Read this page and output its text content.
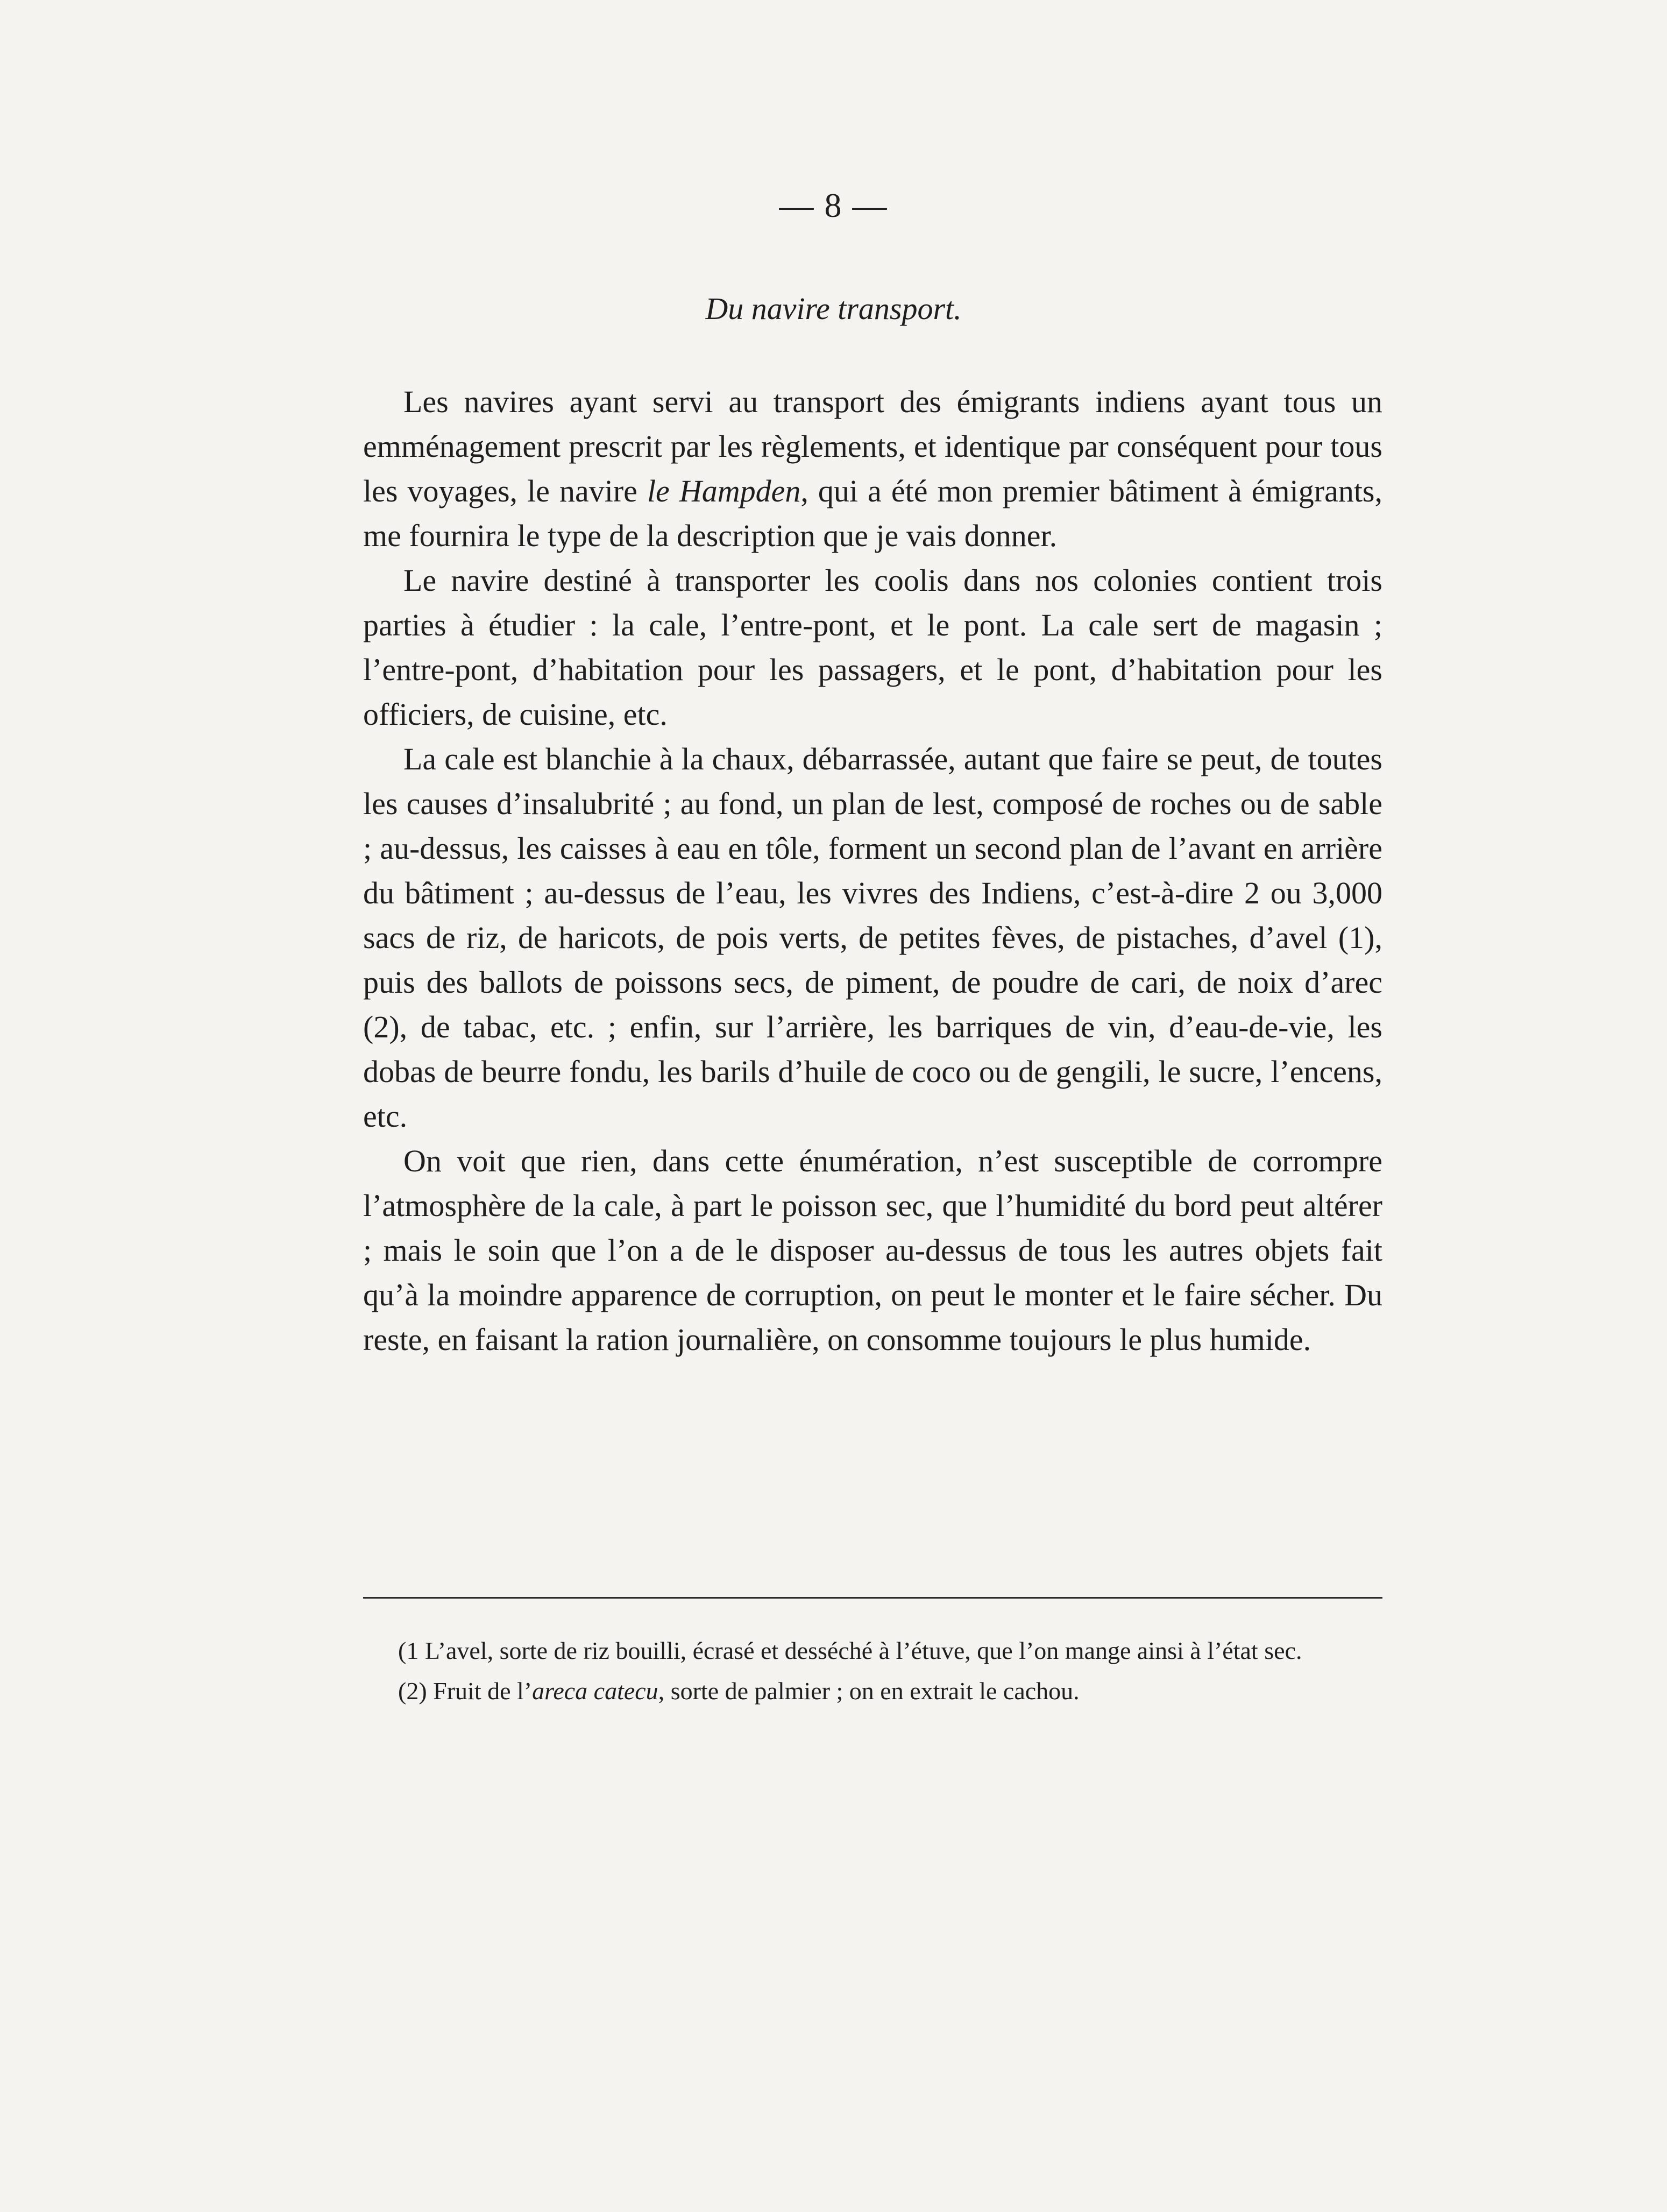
— 8 —
Du navire transport.

Les navires ayant servi au transport des émigrants indiens ayant tous un emménagement prescrit par les règlements, et identique par conséquent pour tous les voyages, le navire le Hampden, qui a été mon premier bâtiment à émigrants, me fournira le type de la description que je vais donner.

Le navire destiné à transporter les coolis dans nos colonies contient trois parties à étudier : la cale, l’entre-pont, et le pont. La cale sert de magasin ; l’entre-pont, d’habitation pour les passagers, et le pont, d’habitation pour les officiers, de cuisine, etc.

La cale est blanchie à la chaux, débarrassée, autant que faire se peut, de toutes les causes d’insalubrité ; au fond, un plan de lest, composé de roches ou de sable ; au-dessus, les caisses à eau en tôle, forment un second plan de l’avant en arrière du bâtiment ; au-dessus de l’eau, les vivres des Indiens, c’est-à-dire 2 ou 3,000 sacs de riz, de haricots, de pois verts, de petites fèves, de pistaches, d’avel (1), puis des ballots de poissons secs, de piment, de poudre de cari, de noix d’arec (2), de tabac, etc. ; enfin, sur l’arrière, les barriques de vin, d’eau-de-vie, les dobas de beurre fondu, les barils d’huile de coco ou de gengili, le sucre, l’encens, etc.

On voit que rien, dans cette énumération, n’est susceptible de corrompre l’atmosphère de la cale, à part le poisson sec, que l’humidité du bord peut altérer ; mais le soin que l’on a de le disposer au-dessus de tous les autres objets fait qu’à la moindre apparence de corruption, on peut le monter et le faire sécher. Du reste, en faisant la ration journalière, on consomme toujours le plus humide.

(1 L’avel, sorte de riz bouilli, écrasé et desséché à l’étuve, que l’on mange ainsi à l’état sec.

(2) Fruit de l’areca catecu, sorte de palmier ; on en extrait le cachou.
